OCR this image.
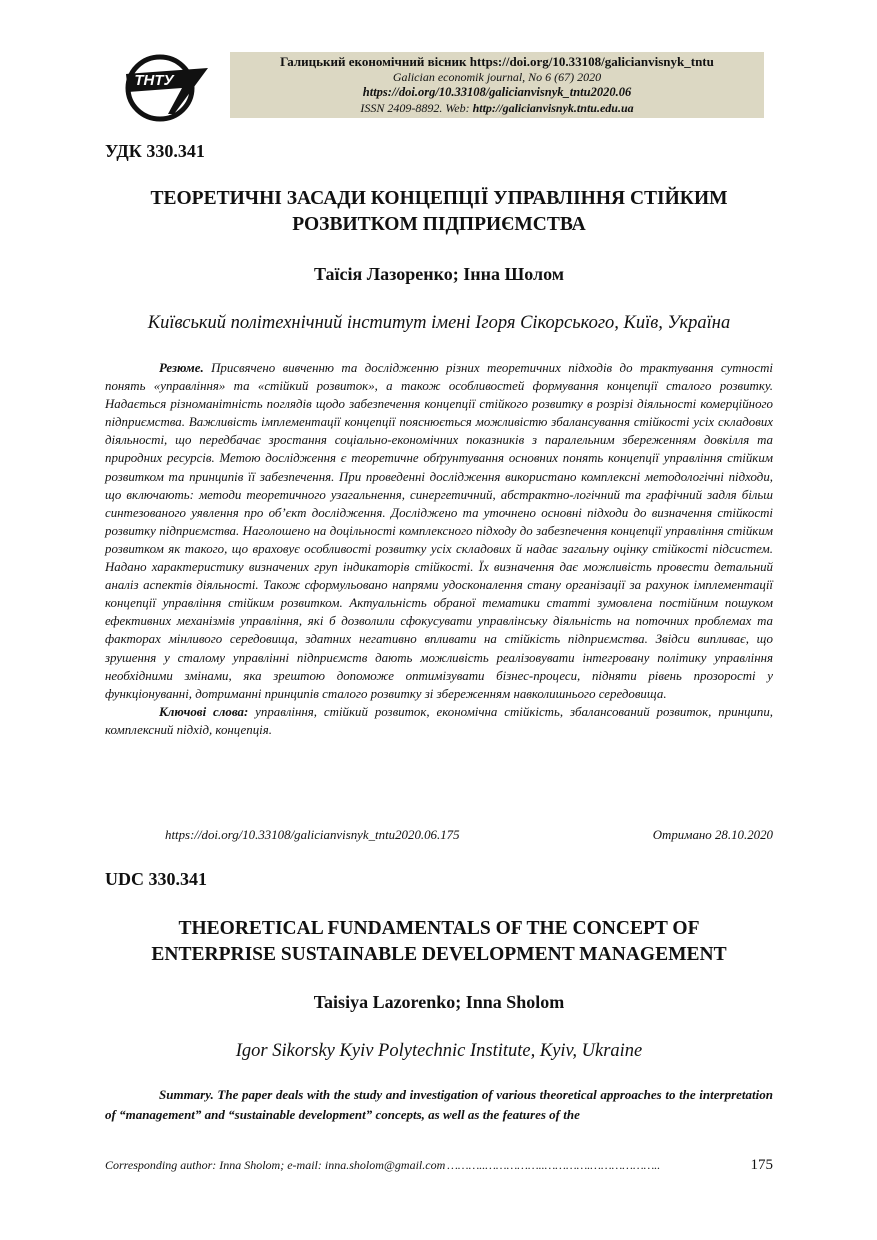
ТНТУ
Галицький економічний вісник https://doi.org/10.33108/galicianvisnyk_tntu
Galician economik journal, No 6 (67) 2020
https://doi.org/10.33108/galicianvisnyk_tntu2020.06
ISSN 2409-8892. Web: http://galicianvisnyk.tntu.edu.ua
УДК 330.341
ТЕОРЕТИЧНІ ЗАСАДИ КОНЦЕПЦІЇ УПРАВЛІННЯ СТІЙКИМ
РОЗВИТКОМ ПІДПРИЄМСТВА
Таїсія Лазоренко; Інна Шолом
Київський політехнічний інститут імені Ігоря Сікорського, Київ, Україна

Резюме. Присвячено вивченню та дослідженню різних теоретичних підходів до трактування сутності понять «управління» та «стійкий розвиток», а також особливостей формування концепції сталого розвитку. Надається різноманітність поглядів щодо забезпечення концепції стійкого розвитку в розрізі діяльності комерційного підприємства. Важливість імплементації концепції пояснюється можливістю збалансування стійкості усіх складових діяльності, що передбачає зростання соціально-економічних показників з паралельним збереженням довкілля та природних ресурсів. Метою дослідження є теоретичне обґрунтування основних понять концепції управління стійким розвитком та принципів її забезпечення. При проведенні дослідження використано комплексні методологічні підходи, що включають: методи теоретичного узагальнення, синергетичний, абстрактно-логічний та графічний задля більш синтезованого уявлення про об’єкт дослідження. Досліджено та уточнено основні підходи до визначення стійкості розвитку підприємства. Наголошено на доцільності комплексного підходу до забезпечення концепції управління стійким розвитком як такого, що враховує особливості розвитку усіх складових й надає загальну оцінку стійкості підсистем. Надано характеристику визначених груп індикаторів стійкості. Їх визначення дає можливість провести детальний аналіз аспектів діяльності. Також сформульовано напрями удосконалення стану організації за рахунок імплементації концепції управління стійким розвитком. Актуальність обраної тематики статті зумовлена постійним пошуком ефективних механізмів управління, які б дозволили сфокусувати управлінську діяльність на поточних проблемах та факторах мінливого середовища, здатних негативно впливати на стійкість підприємства. Звідси випливає, що зрушення у сталому управлінні підприємств дають можливість реалізовувати інтегровану політику управління необхідними змінами, яка зрештою допоможе оптимізувати бізнес-процеси, підняти рівень прозорості у функціонуванні, дотриманні принципів сталого розвитку зі збереженням навколишнього середовища.

Ключові слова: управління, стійкий розвиток, економічна стійкість, збалансований розвиток, принципи, комплексний підхід, концепція.

https://doi.org/10.33108/galicianvisnyk_tntu2020.06.175	Отримано 28.10.2020
UDC 330.341
THEORETICAL FUNDAMENTALS OF THE CONCEPT OF
ENTERPRISE SUSTAINABLE DEVELOPMENT MANAGEMENT
Taisiya Lazorenko; Inna Sholom
Igor Sikorsky Kyiv Polytechnic Institute, Kyiv, Ukraine

Summary. The paper deals with the study and investigation of various theoretical approaches to the interpretation of “management” and “sustainable development” concepts, as well as the features of the

Corresponding author: Inna Sholom; e-mail: inna.sholom@gmail.com ………..……………..………….………………..	175
